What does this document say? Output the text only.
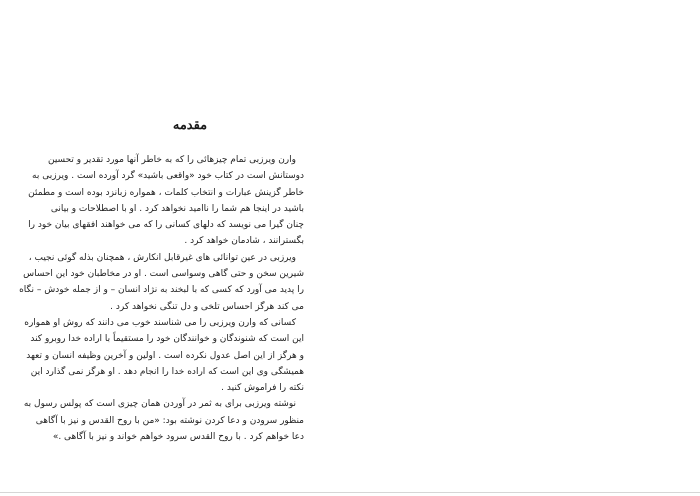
مقدمه
وارن ویرزبی تمام چیزهائی را که به خاطر آنها مورد تقدیر و تحسین
دوستانش است در کتاب خود «واقعی باشید» گرد آورده است . ویرزبی به
خاطر گزینش عبارات و انتخاب کلمات ، همواره زبانزد بوده است و مطمئن
باشید در اینجا هم شما را ناامید نخواهد کرد . او با اصطلاحات و بیانی
چنان گیرا می نویسد که دلهای کسانی را که می خواهند افقهای بیان خود را
بگسترانند ، شادمان خواهد کرد .
ویرزبی در عین توانائی های غیرقابل انکارش ، همچنان بذله گوئی نجیب ،
شیرین سخن و حتی گاهی وسواسی است . او در مخاطبان خود این احساس
را پدید می آورد که کسی که با لبخند به نژاد انسان – و از جمله خودش – نگاه
می کند هرگز احساس تلخی و دل تنگی نخواهد کرد .
کسانی که وارن ویرزبی را می شناسند خوب می دانند که روش او همواره
این است که شنوندگان و خوانندگان خود را مستقیماً با اراده خدا روبرو کند
و هرگز از این اصل عدول نکرده است . اولین و آخرین وظیفه انسان و تعهد
همیشگی وی این است که اراده خدا را انجام دهد . او هرگز نمی گذارد این
نکته را فراموش کنید .
نوشته ویرزبی برای به ثمر در آوردن همان چیزی است که پولس رسول به
منظور سرودن و دعا کردن نوشته بود: «من با روح القدس و نیز با آگاهی
دعا خواهم کرد . با روح القدس سرود خواهم خواند و نیز با آگاهی .»
